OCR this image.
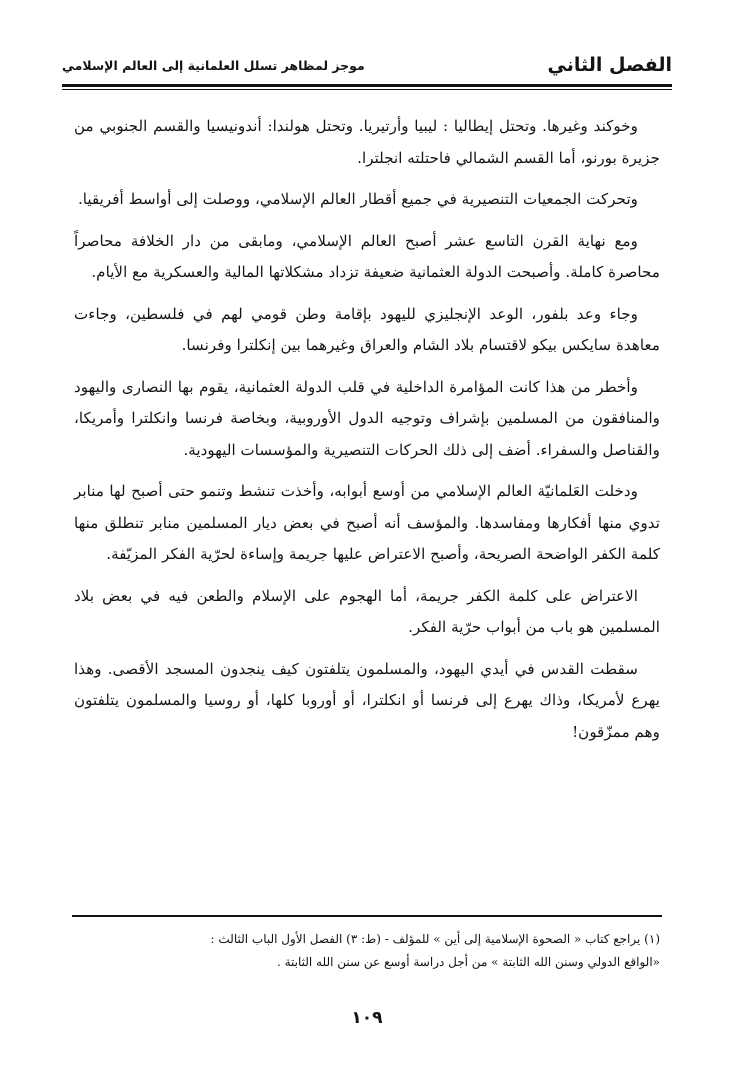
الفصل الثاني
موجز لمظاهر تسلل العلمانية إلى العالم الإسلامي

وخوكند وغيرها. وتحتل إيطاليا : ليبيا وأرتيريا. وتحتل هولندا: أندونيسيا والقسم الجنوبي من جزيرة بورنو، أما القسم الشمالي فاحتلته انجلترا.

وتحركت الجمعيات التنصيرية في جميع أقطار العالم الإسلامي، ووصلت إلى أواسط أفريقيا.

ومع نهاية القرن التاسع عشر أصبح العالم الإسلامي، ومابقى من دار الخلافة محاصراً محاصرة كاملة. وأصبحت الدولة العثمانية ضعيفة تزداد مشكلاتها المالية والعسكرية مع الأيام.

وجاء وعد بلفور، الوعد الإنجليزي لليهود بإقامة وطن قومي لهم في فلسطين، وجاءت معاهدة سايكس بيكو لاقتسام بلاد الشام والعراق وغيرهما بين إنكلترا وفرنسا.

وأخطر من هذا كانت المؤامرة الداخلية في قلب الدولة العثمانية، يقوم بها النصارى واليهود والمنافقون من المسلمين بإشراف وتوجيه الدول الأوروبية، وبخاصة فرنسا وانكلترا وأمريكا، والقناصل والسفراء. أضف إلى ذلك الحركات التنصيرية والمؤسسات اليهودية.

ودخلت العَلمانيّة العالم الإسلامي من أوسع أبوابه، وأخذت تنشط وتنمو حتى أصبح لها منابر تدوي منها أفكارها ومفاسدها. والمؤسف أنه أصبح في بعض ديار المسلمين منابر تنطلق منها كلمة الكفر الواضحة الصريحة، وأصبح الاعتراض عليها جريمة وإساءة لحرّية الفكر المزيّفة.

الاعتراض على كلمة الكفر جريمة، أما الهجوم على الإسلام والطعن فيه في بعض بلاد المسلمين هو باب من أبواب حرّية الفكر.

سقطت القدس في أيدي اليهود، والمسلمون يتلفتون كيف ينجدون المسجد الأقصى. وهذا يهرع لأمريكا، وذاك يهرع إلى فرنسا أو انكلترا، أو أوروبا كلها، أو روسيا والمسلمون يتلفتون وهم ممزّقون!

(١) يراجع كتاب « الصحوة الإسلامية إلى أين » للمؤلف - (ط: ٣) الفصل الأول الباب الثالث :

«الواقع الدولي وسنن الله الثابتة » من أجل دراسة أوسع عن سنن الله الثابتة .

١٠٩
